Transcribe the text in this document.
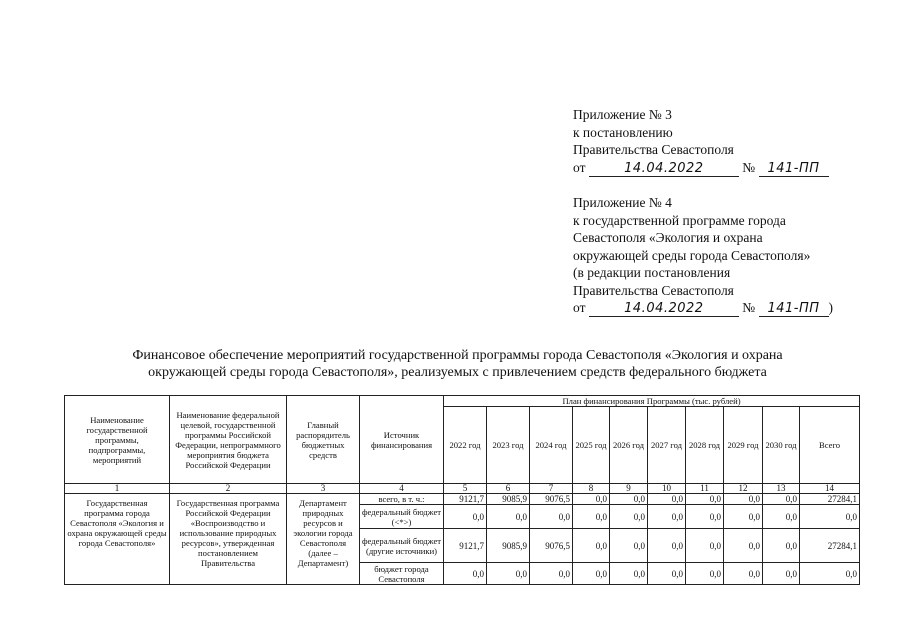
Приложение № 3
к постановлению
Правительства Севастополя
от	14.04.2022	№ 141-ПП
Приложение № 4
к государственной программе города
Севастополя «Экология и охрана
окружающей среды города Севастополя»
(в редакции постановления
Правительства Севастополя
от	14.04.2022	№ 141-ПП )
Финансовое обеспечение мероприятий государственной программы города Севастополя «Экология и охрана
окружающей среды города Севастополя», реализуемых с привлечением средств федерального бюджета
Наименование государственной программы, подпрограммы, мероприятий	Наименование федеральной целевой, государственной программы Российской Федерации, непрограммного мероприятия бюджета Российской Федерации	Главный распорядитель бюджетных средств	Источник финансирования	План финансирования Программы (тыс. рублей)									
				2022 год	2023 год	2024 год	2025 год	2026 год	2027 год	2028 год	2029 год	2030 год	Всего
1	2	3	4	5	6	7	8	9	10	11	12	13	14
Государственная программа города Севастополя «Экология и охрана окружающей среды города Севастополя»	Государственная программа Российской Федерации «Воспроизводство и использование природных ресурсов», утвержденная постановлением Правительства	Департамент природных ресурсов и экологии города Севастополя (далее – Департамент)	всего, в т. ч.:	9121,7	9085,9	9076,5	0,0	0,0	0,0	0,0	0,0	0,0	27284,1
			федеральный бюджет (<*>)	0,0	0,0	0,0	0,0	0,0	0,0	0,0	0,0	0,0	0,0
			федеральный бюджет (другие источники)	9121,7	9085,9	9076,5	0,0	0,0	0,0	0,0	0,0	0,0	27284,1
			бюджет города Севастополя	0,0	0,0	0,0	0,0	0,0	0,0	0,0	0,0	0,0	0,0
